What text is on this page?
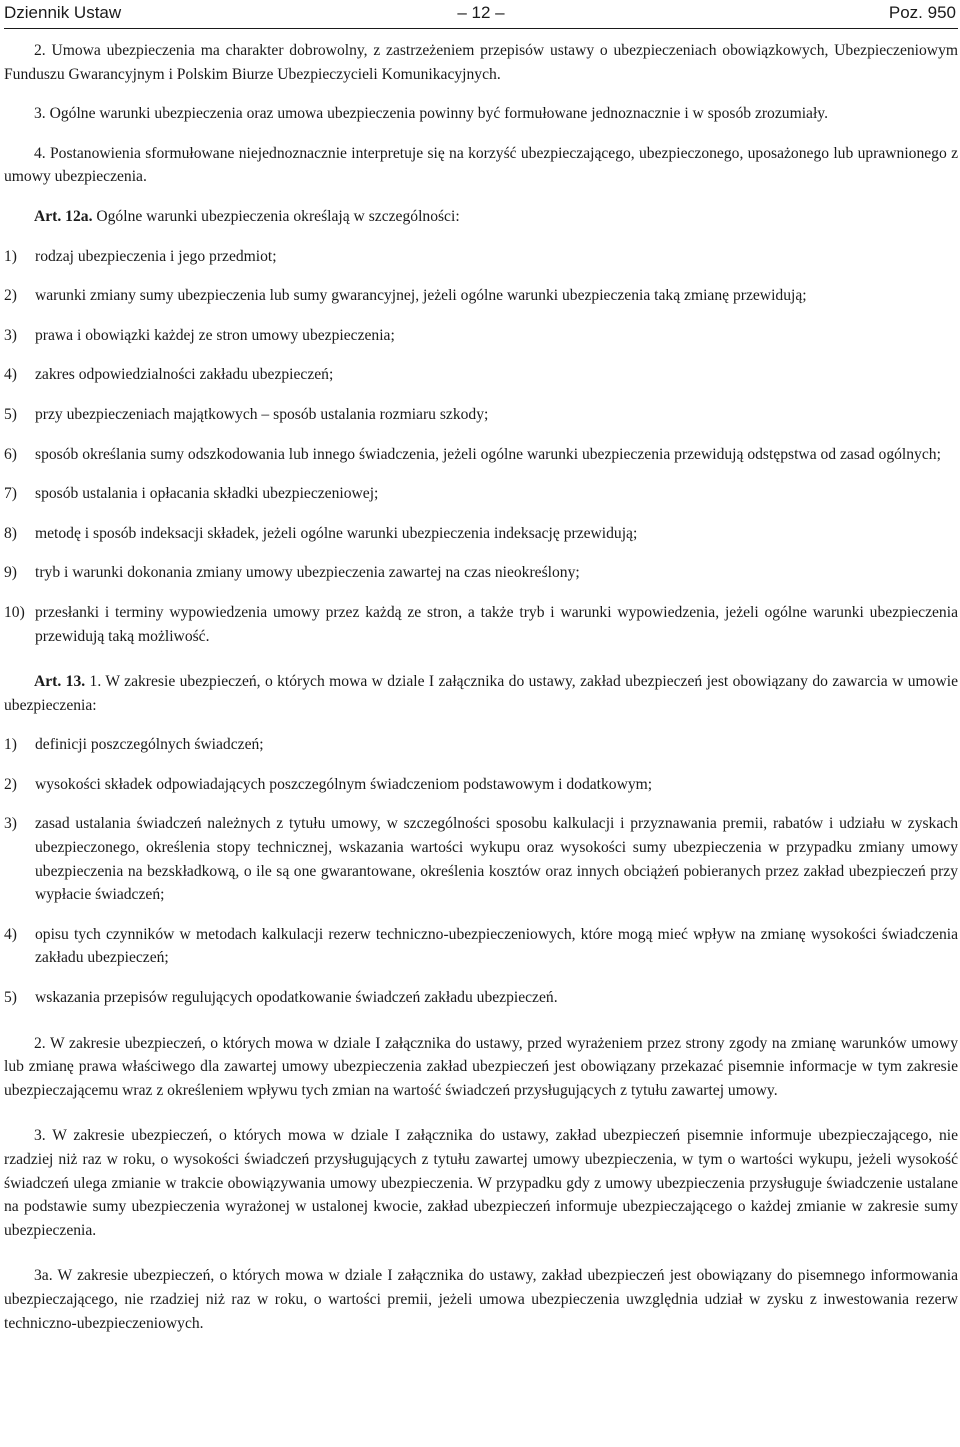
Dziennik Ustaw	– 12 –	Poz. 950

2. Umowa ubezpieczenia ma charakter dobrowolny, z zastrzeżeniem przepisów ustawy o ubezpieczeniach obowiązkowych, Ubezpieczeniowym Funduszu Gwarancyjnym i Polskim Biurze Ubezpieczycieli Komunikacyjnych.

3. Ogólne warunki ubezpieczenia oraz umowa ubezpieczenia powinny być formułowane jednoznacznie i w sposób zrozumiały.

4. Postanowienia sformułowane niejednoznacznie interpretuje się na korzyść ubezpieczającego, ubezpieczonego, uposażonego lub uprawnionego z umowy ubezpieczenia.

Art. 12a. Ogólne warunki ubezpieczenia określają w szczególności:

1)	rodzaj ubezpieczenia i jego przedmiot;
2)	warunki zmiany sumy ubezpieczenia lub sumy gwarancyjnej, jeżeli ogólne warunki ubezpieczenia taką zmianę przewidują;
3)	prawa i obowiązki każdej ze stron umowy ubezpieczenia;
4)	zakres odpowiedzialności zakładu ubezpieczeń;
5)	przy ubezpieczeniach majątkowych – sposób ustalania rozmiaru szkody;
6)	sposób określania sumy odszkodowania lub innego świadczenia, jeżeli ogólne warunki ubezpieczenia przewidują odstępstwa od zasad ogólnych;
7)	sposób ustalania i opłacania składki ubezpieczeniowej;
8)	metodę i sposób indeksacji składek, jeżeli ogólne warunki ubezpieczenia indeksację przewidują;
9)	tryb i warunki dokonania zmiany umowy ubezpieczenia zawartej na czas nieokreślony;
10) przesłanki i terminy wypowiedzenia umowy przez każdą ze stron, a także tryb i warunki wypowiedzenia, jeżeli ogólne warunki ubezpieczenia przewidują taką możliwość.

Art. 13. 1. W zakresie ubezpieczeń, o których mowa w dziale I załącznika do ustawy, zakład ubezpieczeń jest obowiązany do zawarcia w umowie ubezpieczenia:

1)	definicji poszczególnych świadczeń;
2)	wysokości składek odpowiadających poszczególnym świadczeniom podstawowym i dodatkowym;
3)	zasad ustalania świadczeń należnych z tytułu umowy, w szczególności sposobu kalkulacji i przyznawania premii, rabatów i udziału w zyskach ubezpieczonego, określenia stopy technicznej, wskazania wartości wykupu oraz wysokości sumy ubezpieczenia w przypadku zmiany umowy ubezpieczenia na bezskładkową, o ile są one gwarantowane, określenia kosztów oraz innych obciążeń pobieranych przez zakład ubezpieczeń przy wypłacie świadczeń;
4)	opisu tych czynników w metodach kalkulacji rezerw techniczno-ubezpieczeniowych, które mogą mieć wpływ na zmianę wysokości świadczenia zakładu ubezpieczeń;
5)	wskazania przepisów regulujących opodatkowanie świadczeń zakładu ubezpieczeń.

2. W zakresie ubezpieczeń, o których mowa w dziale I załącznika do ustawy, przed wyrażeniem przez strony zgody na zmianę warunków umowy lub zmianę prawa właściwego dla zawartej umowy ubezpieczenia zakład ubezpieczeń jest obowiązany przekazać pisemnie informacje w tym zakresie ubezpieczającemu wraz z określeniem wpływu tych zmian na wartość świadczeń przysługujących z tytułu zawartej umowy.

3. W zakresie ubezpieczeń, o których mowa w dziale I załącznika do ustawy, zakład ubezpieczeń pisemnie informuje ubezpieczającego, nie rzadziej niż raz w roku, o wysokości świadczeń przysługujących z tytułu zawartej umowy ubezpieczenia, w tym o wartości wykupu, jeżeli wysokość świadczeń ulega zmianie w trakcie obowiązywania umowy ubezpieczenia. W przypadku gdy z umowy ubezpieczenia przysługuje świadczenie ustalane na podstawie sumy ubezpieczenia wyrażonej w ustalonej kwocie, zakład ubezpieczeń informuje ubezpieczającego o każdej zmianie w zakresie sumy ubezpieczenia.

3a. W zakresie ubezpieczeń, o których mowa w dziale I załącznika do ustawy, zakład ubezpieczeń jest obowiązany do pisemnego informowania ubezpieczającego, nie rzadziej niż raz w roku, o wartości premii, jeżeli umowa ubezpieczenia uwzględnia udział w zysku z inwestowania rezerw techniczno-ubezpieczeniowych.
